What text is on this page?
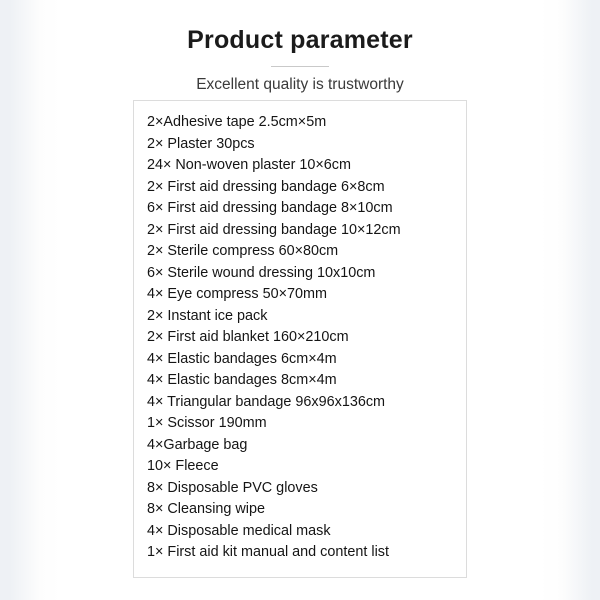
Product parameter
Excellent quality is trustworthy
2×Adhesive tape 2.5cm×5m
2× Plaster 30pcs
24× Non-woven plaster 10×6cm
2× First aid dressing bandage 6×8cm
6× First aid dressing bandage 8×10cm
2× First aid dressing bandage 10×12cm
2× Sterile compress 60×80cm
6× Sterile wound dressing 10x10cm
4× Eye compress 50×70mm
2× Instant ice pack
2× First aid blanket 160×210cm
4× Elastic bandages 6cm×4m
4× Elastic bandages 8cm×4m
4× Triangular bandage 96x96x136cm
1× Scissor 190mm
4×Garbage bag
10× Fleece
8× Disposable PVC gloves
8× Cleansing wipe
4× Disposable medical mask
1× First aid kit manual and content list
